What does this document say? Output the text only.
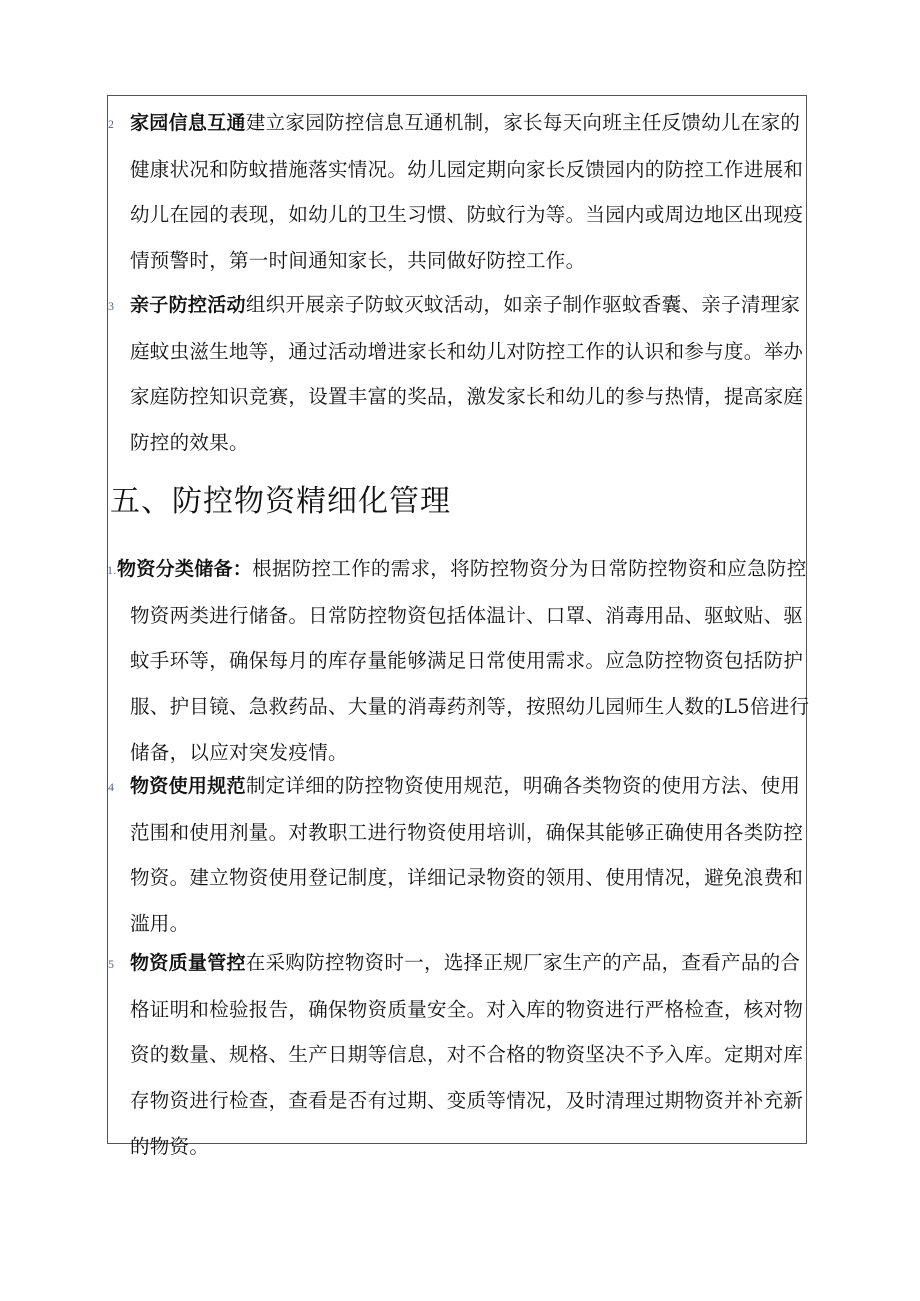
2 家园信息互通建立家园防控信息互通机制，家长每天向班主任反馈幼儿在家的健康状况和防蚊措施落实情况。幼儿园定期向家长反馈园内的防控工作进展和幼儿在园的表现，如幼儿的卫生习惯、防蚊行为等。当园内或周边地区出现疫情预警时，第一时间通知家长，共同做好防控工作。

3 亲子防控活动组织开展亲子防蚊灭蚊活动，如亲子制作驱蚊香囊、亲子清理家庭蚊虫滋生地等，通过活动增进家长和幼儿对防控工作的认识和参与度。举办家庭防控知识竞赛，设置丰富的奖品，激发家长和幼儿的参与热情，提高家庭防控的效果。

五、防控物资精细化管理
1. 物资分类储备：根据防控工作的需求，将防控物资分为日常防控物资和应急防控物资两类进行储备。日常防控物资包括体温计、口罩、消毒用品、驱蚊贴、驱蚊手环等，确保每月的库存量能够满足日常使用需求。应急防控物资包括防护服、护目镜、急救药品、大量的消毒药剂等，按照幼儿园师生人数的L5倍进行储备，以应对突发疫情。

4 物资使用规范制定详细的防控物资使用规范，明确各类物资的使用方法、使用范围和使用剂量。对教职工进行物资使用培训，确保其能够正确使用各类防控物资。建立物资使用登记制度，详细记录物资的领用、使用情况，避免浪费和滥用。

5 物资质量管控在采购防控物资时一，选择正规厂家生产的产品，查看产品的合格证明和检验报告，确保物资质量安全。对入库的物资进行严格检查，核对物资的数量、规格、生产日期等信息，对不合格的物资坚决不予入库。定期对库存物资进行检查，查看是否有过期、变质等情况，及时清理过期物资并补充新的物资。
